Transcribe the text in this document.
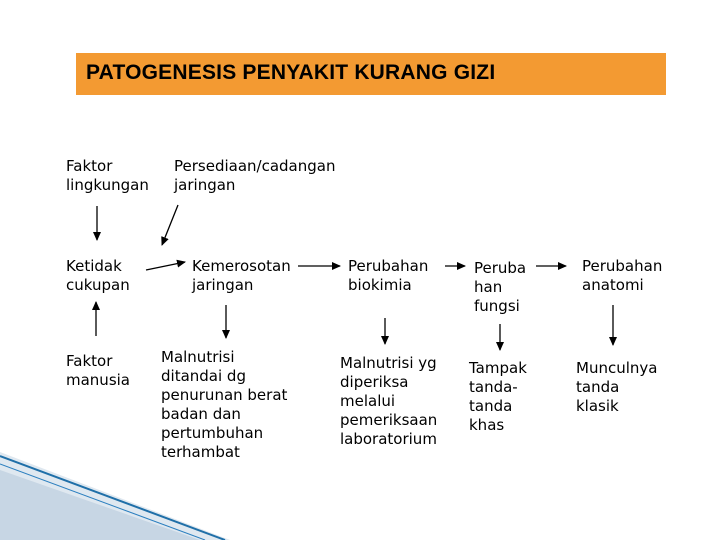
PATOGENESIS PENYAKIT KURANG GIZI
Faktor
lingkungan
Persediaan/cadangan
jaringan
Ketidak
cukupan
Kemerosotan
jaringan
Perubahan
biokimia
Peruba
han
fungsi
Perubahan
anatomi
Faktor
manusia
Malnutrisi
ditandai dg
penurunan berat
badan dan
pertumbuhan
terhambat
Malnutrisi yg
diperiksa
melalui
pemeriksaan
laboratorium
Tampak
tanda-
tanda
khas
Munculnya
tanda
klasik
